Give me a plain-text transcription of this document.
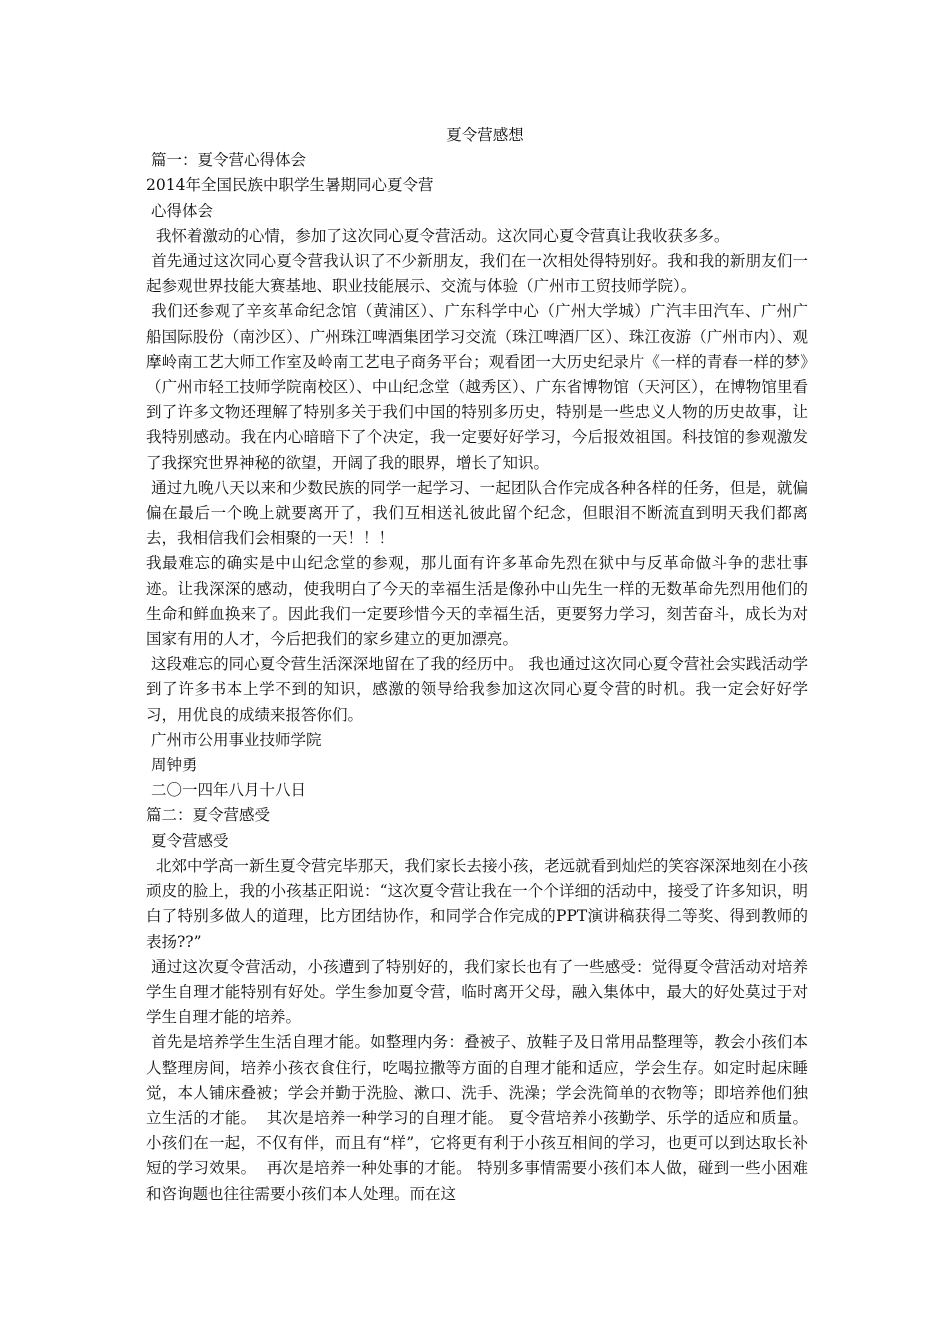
夏令营感想
篇一：夏令营心得体会
2014年全国民族中职学生暑期同心夏令营
心得体会
我怀着激动的心情，参加了这次同心夏令营活动。这次同心夏令营真让我收获多多。
首先通过这次同心夏令营我认识了不少新朋友，我们在一次相处得特别好。我和我的新朋友们一起参观世界技能大赛基地、职业技能展示、交流与体验（广州市工贸技师学院）。
我们还参观了辛亥革命纪念馆（黄浦区）、广东科学中心（广州大学城）广汽丰田汽车、广州广船国际股份（南沙区）、广州珠江啤酒集团学习交流（珠江啤酒厂区）、珠江夜游（广州市内）、观摩岭南工艺大师工作室及岭南工艺电子商务平台；观看团一大历史纪录片《一样的青春一样的梦》（广州市轻工技师学院南校区）、中山纪念堂（越秀区）、广东省博物馆（天河区），在博物馆里看到了许多文物还理解了特别多关于我们中国的特别多历史，特别是一些忠义人物的历史故事，让我特别感动。我在内心暗暗下了个决定，我一定要好好学习，今后报效祖国。科技馆的参观激发了我探究世界神秘的欲望，开阔了我的眼界，增长了知识。
通过九晚八天以来和少数民族的同学一起学习、一起团队合作完成各种各样的任务，但是，就偏偏在最后一个晚上就要离开了，我们互相送礼彼此留个纪念，但眼泪不断流直到明天我们都离去，我相信我们会相聚的一天！！！
我最难忘的确实是中山纪念堂的参观，那儿面有许多革命先烈在狱中与反革命做斗争的悲壮事迹。让我深深的感动，使我明白了今天的幸福生活是像孙中山先生一样的无数革命先烈用他们的生命和鲜血换来了。因此我们一定要珍惜今天的幸福生活，更要努力学习，刻苦奋斗，成长为对国家有用的人才，今后把我们的家乡建立的更加漂亮。
这段难忘的同心夏令营生活深深地留在了我的经历中。 我也通过这次同心夏令营社会实践活动学到了许多书本上学不到的知识，感激的领导给我参加这次同心夏令营的时机。我一定会好好学习，用优良的成绩来报答你们。
广州市公用事业技师学院
周钟勇
二〇一四年八月十八日
篇二：夏令营感受
夏令营感受
北郊中学高一新生夏令营完毕那天，我们家长去接小孩，老远就看到灿烂的笑容深深地刻在小孩顽皮的脸上，我的小孩基正阳说：“这次夏令营让我在一个个详细的活动中，接受了许多知识，明白了特别多做人的道理，比方团结协作，和同学合作完成的PPT演讲稿获得二等奖、得到教师的表扬??”
通过这次夏令营活动，小孩遭到了特别好的，我们家长也有了一些感受：觉得夏令营活动对培养学生自理才能特别有好处。学生参加夏令营，临时离开父母，融入集体中，最大的好处莫过于对学生自理才能的培养。
首先是培养学生生活自理才能。如整理内务：叠被子、放鞋子及日常用品整理等，教会小孩们本人整理房间，培养小孩衣食住行，吃喝拉撒等方面的自理才能和适应，学会生存。如定时起床睡觉，本人铺床叠被；学会并勤于洗脸、漱口、洗手、洗澡；学会洗简单的衣物等；即培养他们独立生活的才能。  其次是培养一种学习的自理才能。 夏令营培养小孩勤学、乐学的适应和质量。小孩们在一起，不仅有伴，而且有“样”，它将更有利于小孩互相间的学习，也更可以到达取长补短的学习效果。  再次是培养一种处事的才能。 特别多事情需要小孩们本人做，碰到一些小困难和咨询题也往往需要小孩们本人处理。而在这
